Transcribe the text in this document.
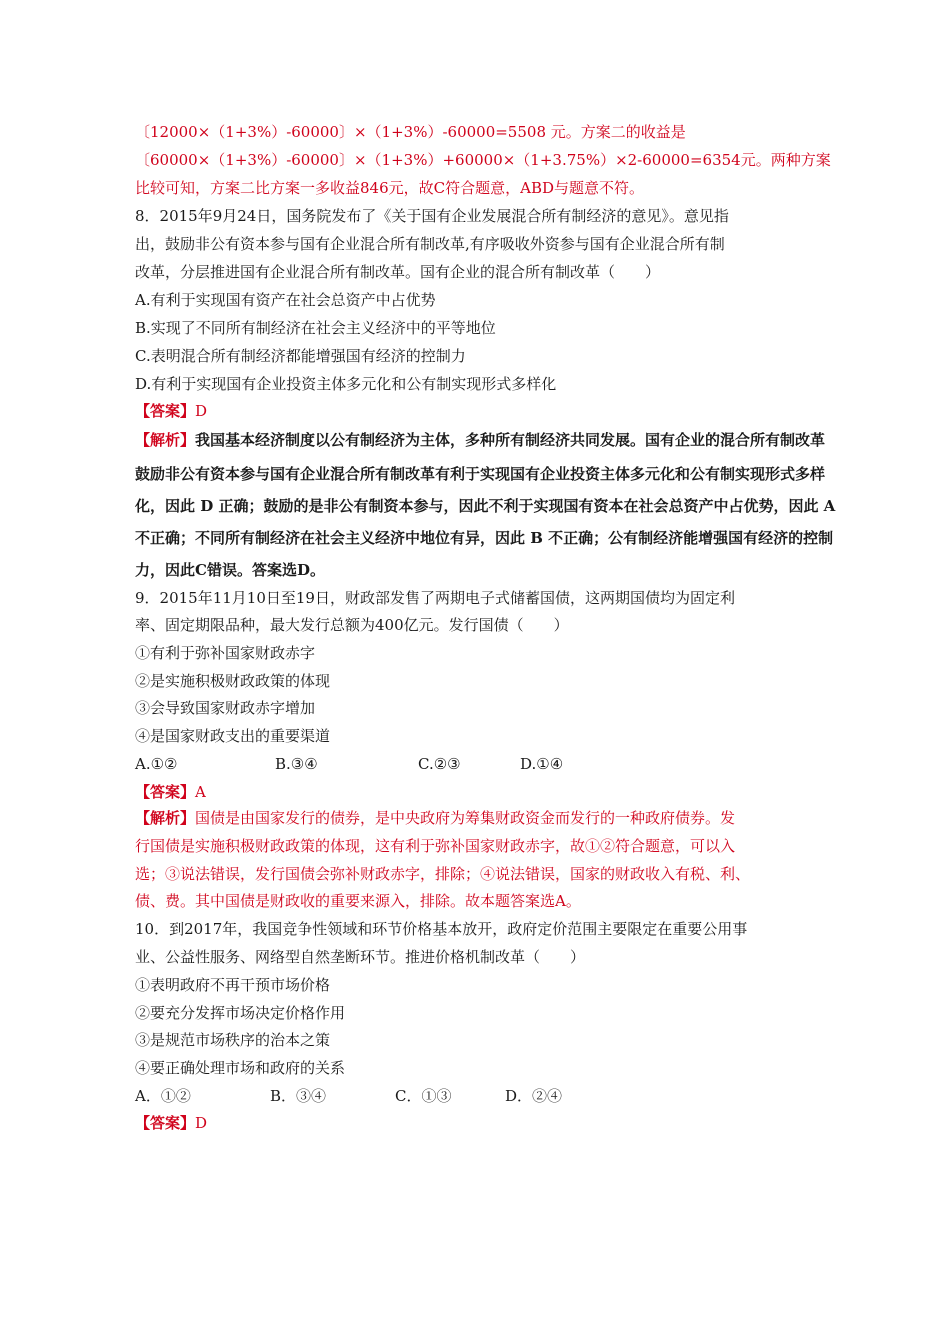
〔12000×（1+3%）-60000〕×（1+3%）-60000=5508 元。方案二的收益是
〔60000×（1+3%）-60000〕×（1+3%）+60000×（1+3.75%）×2-60000=6354元。两种方案
比较可知，方案二比方案一多收益846元，故C符合题意，ABD与题意不符。
8．2015年9月24日，国务院发布了《关于国有企业发展混合所有制经济的意见》。意见指
出，鼓励非公有资本参与国有企业混合所有制改革,有序吸收外资参与国有企业混合所有制
改革，分层推进国有企业混合所有制改革。国有企业的混合所有制改革（　　）
A.有利于实现国有资产在社会总资产中占优势
B.实现了不同所有制经济在社会主义经济中的平等地位
C.表明混合所有制经济都能增强国有经济的控制力
D.有利于实现国有企业投资主体多元化和公有制实现形式多样化
【答案】D
【解析】我国基本经济制度以公有制经济为主体，多种所有制经济共同发展。国有企业的混合所有制改革
鼓励非公有资本参与国有企业混合所有制改革有利于实现国有企业投资主体多元化和公有制实现形式多样
化，因此 D 正确；鼓励的是非公有制资本参与，因此不利于实现国有资本在社会总资产中占优势，因此 A
不正确；不同所有制经济在社会主义经济中地位有异，因此 B 不正确；公有制经济能增强国有经济的控制
力，因此C错误。答案选D。
9．2015年11月10日至19日，财政部发售了两期电子式储蓄国债，这两期国债均为固定利
率、固定期限品种，最大发行总额为400亿元。发行国债（　　）
①有利于弥补国家财政赤字
②是实施积极财政政策的体现
③会导致国家财政赤字增加
④是国家财政支出的重要渠道
A.①②	B.③④	C.②③	D.①④
【答案】A
【解析】国债是由国家发行的债券，是中央政府为筹集财政资金而发行的一种政府债券。发
行国债是实施积极财政政策的体现，这有利于弥补国家财政赤字，故①②符合题意，可以入
选；③说法错误，发行国债会弥补财政赤字，排除；④说法错误，国家的财政收入有税、利、
债、费。其中国债是财政收的重要来源入，排除。故本题答案选A。
10．到2017年，我国竞争性领域和环节价格基本放开，政府定价范围主要限定在重要公用事
业、公益性服务、网络型自然垄断环节。推进价格机制改革（　　）
①表明政府不再干预市场价格
②要充分发挥市场决定价格作用
③是规范市场秩序的治本之策
④要正确处理市场和政府的关系
A．①②	B．③④	C．①③	D．②④
【答案】D
